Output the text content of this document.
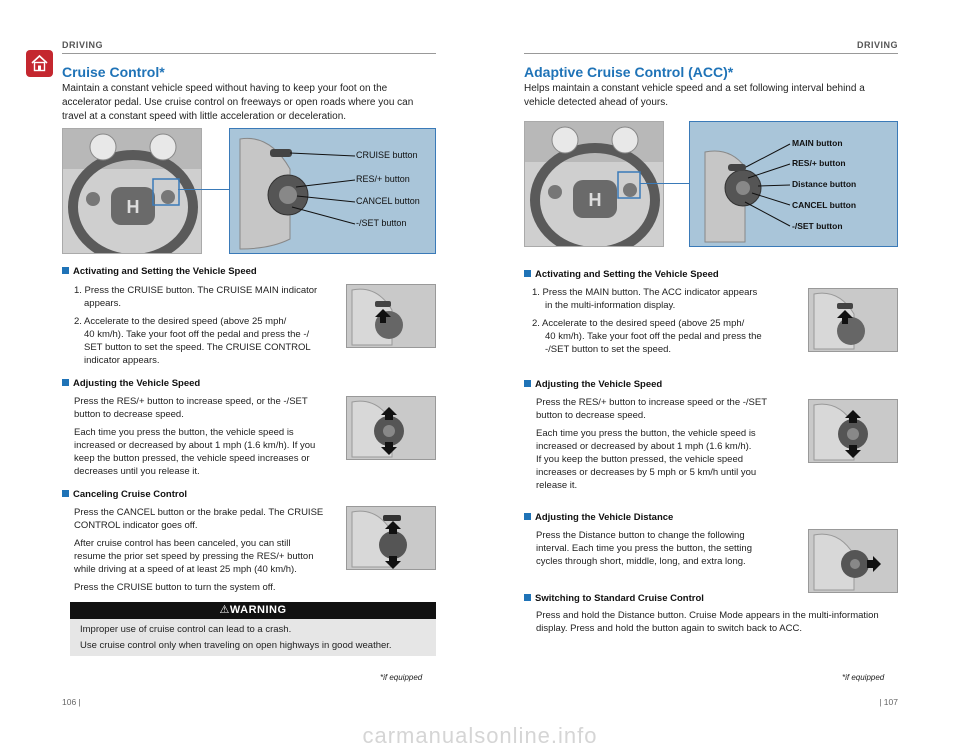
DRIVING
Cruise Control*
Maintain a constant vehicle speed without having to keep your foot on the accelerator pedal. Use cruise control on freeways or open roads where you can travel at a constant speed with little acceleration or deceleration.
H
CRUISE button
RES/+ button
CANCEL button
-/SET button
Activating and Setting the Vehicle Speed
1. Press the CRUISE button. The CRUISE MAIN indicator
appears.
2. Accelerate to the desired speed (above 25 mph/
40 km/h). Take your foot off the pedal and press the -/
SET button to set the speed. The CRUISE CONTROL
indicator appears.
Adjusting the Vehicle Speed
Press the RES/+ button to increase speed, or the -/SET
button to decrease speed.
Each time you press the button, the vehicle speed is
increased or decreased by about 1 mph (1.6 km/h). If you
keep the button pressed, the vehicle speed increases or
decreases until you release it.
Canceling Cruise Control
Press the CANCEL button or the brake pedal. The CRUISE
CONTROL indicator goes off.
After cruise control has been canceled, you can still
resume the prior set speed by pressing the RES/+ button
while driving at a speed of at least 25 mph (40 km/h).
Press the CRUISE button to turn the system off.
⚠WARNING
Improper use of cruise control can lead to a crash.
Use cruise control only when traveling on open highways in good weather.
*if equipped
106 |
DRIVING
Adaptive Cruise Control (ACC)*
Helps maintain a constant vehicle speed and a set following interval behind a vehicle detected ahead of yours.
H
MAIN button
RES/+ button
Distance button
CANCEL button
-/SET button
Activating and Setting the Vehicle Speed
1. Press the MAIN button. The ACC indicator appears
in the multi-information display.
2. Accelerate to the desired speed (above 25 mph/
40 km/h). Take your foot off the pedal and press the
-/SET button to set the speed.
Adjusting the Vehicle Speed
Press the RES/+ button to increase speed or the -/SET
button to decrease speed.
Each time you press the button, the vehicle speed is
increased or decreased by about 1 mph (1.6 km/h).
If you keep the button pressed, the vehicle speed
increases or decreases by 5 mph or 5 km/h until you
release it.
Adjusting the Vehicle Distance
Press the Distance button to change the following
interval. Each time you press the button, the setting
cycles through short, middle, long, and extra long.
Switching to Standard Cruise Control
Press and hold the Distance button. Cruise Mode appears in the multi-information
display. Press and hold the button again to switch back to ACC.
*if equipped
| 107
carmanualsonline.info
